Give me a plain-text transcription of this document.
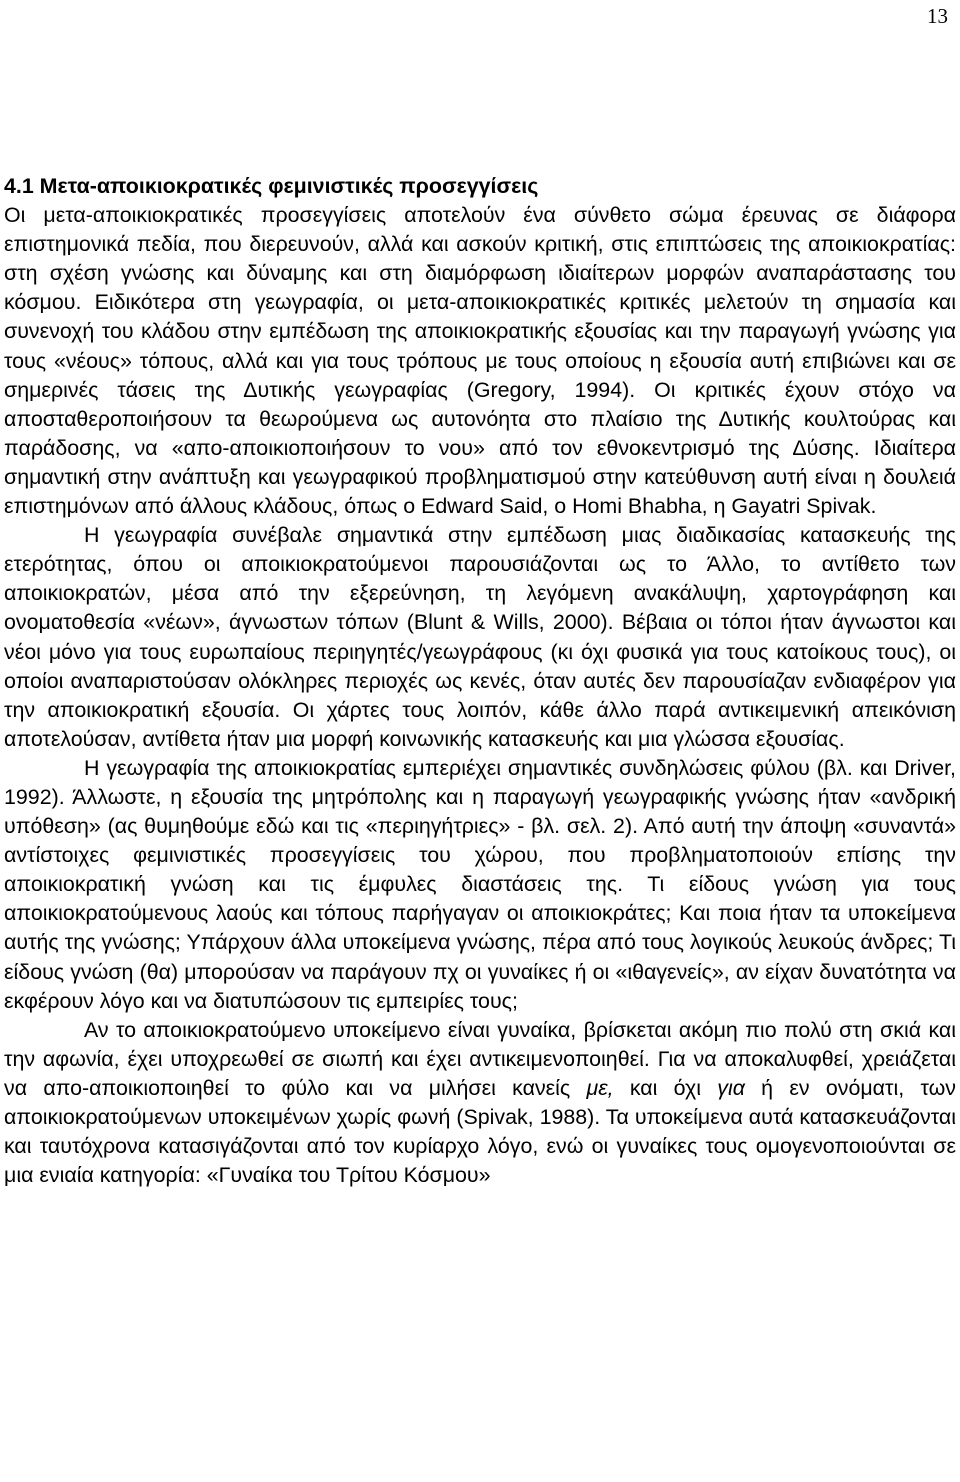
13
4.1 Μετα-αποικιοκρατικές φεμινιστικές προσεγγίσεις

Οι μετα-αποικιοκρατικές προσεγγίσεις αποτελούν ένα σύνθετο σώμα έρευνας σε διάφορα επιστημονικά πεδία, που διερευνούν, αλλά και ασκούν κριτική, στις επιπτώσεις της αποικιοκρατίας: στη σχέση γνώσης και δύναμης και στη διαμόρφωση ιδιαίτερων μορφών αναπαράστασης του κόσμου. Ειδικότερα στη γεωγραφία, οι μετα-αποικιοκρατικές κριτικές μελετούν τη σημασία και συνενοχή του κλάδου στην εμπέδωση της αποικιοκρατικής εξουσίας και την παραγωγή γνώσης για τους «νέους» τόπους, αλλά και για τους τρόπους με τους οποίους η εξουσία αυτή επιβιώνει και σε σημερινές τάσεις της Δυτικής γεωγραφίας (Gregory, 1994). Οι κριτικές έχουν στόχο να αποσταθεροποιήσουν τα θεωρούμενα ως αυτονόητα στο πλαίσιο της Δυτικής κουλτούρας και παράδοσης, να «απο-αποικιοποιήσουν το νου» από τον εθνοκεντρισμό της Δύσης. Ιδιαίτερα σημαντική στην ανάπτυξη και γεωγραφικού προβληματισμού στην κατεύθυνση αυτή είναι η δουλειά επιστημόνων από άλλους κλάδους, όπως ο Edward Said, ο Homi Bhabha, η Gayatri Spivak.

Η γεωγραφία συνέβαλε σημαντικά στην εμπέδωση μιας διαδικασίας κατασκευής της ετερότητας, όπου οι αποικιοκρατούμενοι παρουσιάζονται ως το Άλλο, το αντίθετο των αποικιοκρατών, μέσα από την εξερεύνηση, τη λεγόμενη ανακάλυψη, χαρτογράφηση και ονοματοθεσία «νέων», άγνωστων τόπων (Blunt & Wills, 2000). Βέβαια οι τόποι ήταν άγνωστοι και νέοι μόνο για τους ευρωπαίους περιηγητές/γεωγράφους (κι όχι φυσικά για τους κατοίκους τους), οι οποίοι αναπαριστούσαν ολόκληρες περιοχές ως κενές, όταν αυτές δεν παρουσίαζαν ενδιαφέρον για την αποικιοκρατική εξουσία. Οι χάρτες τους λοιπόν, κάθε άλλο παρά αντικειμενική απεικόνιση αποτελούσαν, αντίθετα ήταν μια μορφή κοινωνικής κατασκευής και μια γλώσσα εξουσίας.

Η γεωγραφία της αποικιοκρατίας εμπεριέχει σημαντικές συνδηλώσεις φύλου (βλ. και Driver, 1992). Άλλωστε, η εξουσία της μητρόπολης και η παραγωγή γεωγραφικής γνώσης ήταν «ανδρική υπόθεση» (ας θυμηθούμε εδώ και τις «περιηγήτριες» - βλ. σελ. 2). Από αυτή την άποψη «συναντά» αντίστοιχες φεμινιστικές προσεγγίσεις του χώρου, που προβληματοποιούν επίσης την αποικιοκρατική γνώση και τις έμφυλες διαστάσεις της. Τι είδους γνώση για τους αποικιοκρατούμενους λαούς και τόπους παρήγαγαν οι αποικιοκράτες; Και ποια ήταν τα υποκείμενα αυτής της γνώσης; Υπάρχουν άλλα υποκείμενα γνώσης, πέρα από τους λογικούς λευκούς άνδρες; Τι είδους γνώση (θα) μπορούσαν να παράγουν πχ οι γυναίκες ή οι «ιθαγενείς», αν είχαν δυνατότητα να εκφέρουν λόγο και να διατυπώσουν τις εμπειρίες τους;

Αν το αποικιοκρατούμενο υποκείμενο είναι γυναίκα, βρίσκεται ακόμη πιο πολύ στη σκιά και την αφωνία, έχει υποχρεωθεί σε σιωπή και έχει αντικειμενοποιηθεί. Για να αποκαλυφθεί, χρειάζεται να απο-αποικιοποιηθεί το φύλο και να μιλήσει κανείς με, και όχι για ή εν ονόματι, των αποικιοκρατούμενων υποκειμένων χωρίς φωνή (Spivak, 1988). Τα υποκείμενα αυτά κατασκευάζονται και ταυτόχρονα κατασιγάζονται από τον κυρίαρχο λόγο, ενώ οι γυναίκες τους ομογενοποιούνται σε μια ενιαία κατηγορία: «Γυναίκα του Τρίτου Κόσμου»
